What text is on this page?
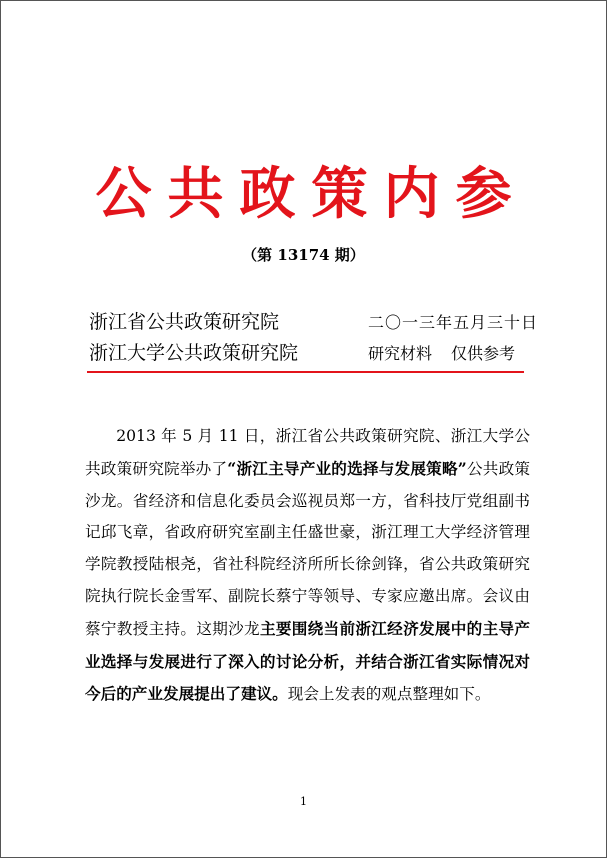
公共政策内参
（第 13174 期）
浙江省公共政策研究院
浙江大学公共政策研究院
二〇一三年五月三十日
研究材料 仅供参考

2013 年 5 月 11 日，浙江省公共政策研究院、浙江大学公共政策研究院举办了“浙江主导产业的选择与发展策略”公共政策沙龙。省经济和信息化委员会巡视员郑一方，省科技厅党组副书记邱飞章，省政府研究室副主任盛世豪，浙江理工大学经济管理学院教授陆根尧，省社科院经济所所长徐剑锋，省公共政策研究院执行院长金雪军、副院长蔡宁等领导、专家应邀出席。会议由蔡宁教授主持。这期沙龙主要围绕当前浙江经济发展中的主导产业选择与发展进行了深入的讨论分析，并结合浙江省实际情况对今后的产业发展提出了建议。现会上发表的观点整理如下。

1
